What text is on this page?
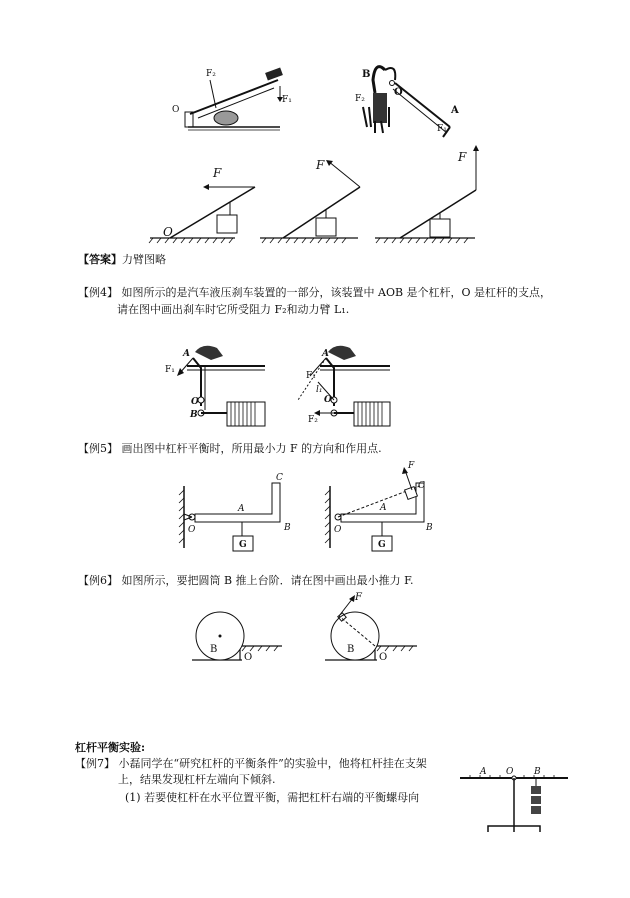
F₂
F₁
O
B
O
F₂
A
F₁
F
O
F
F
【答案】力臂图略
【例4】 如图所示的是汽车液压刹车装置的一部分，该装置中 AOB 是个杠杆，O 是杠杆的支点，
请在图中画出刹车时它所受阻力 F₂和动力臂 L₁.
A
F₁
O
B
A
F₁
l₁
O
F₂
【例5】 画出图中杠杆平衡时，所用最小力 F 的方向和作用点.
A
B
C
O
G
F
C
A
B
O
G
【例6】 如图所示，要把圆筒 B 推上台阶．请在图中画出最小推力 F.
B
O
F
B
O
杠杆平衡实验:
【例7】 小磊同学在“研究杠杆的平衡条件”的实验中，他将杠杆挂在支架
上，结果发现杠杆左端向下倾斜.
(1) 若要使杠杆在水平位置平衡，需把杠杆右端的平衡螺母向
A O B
